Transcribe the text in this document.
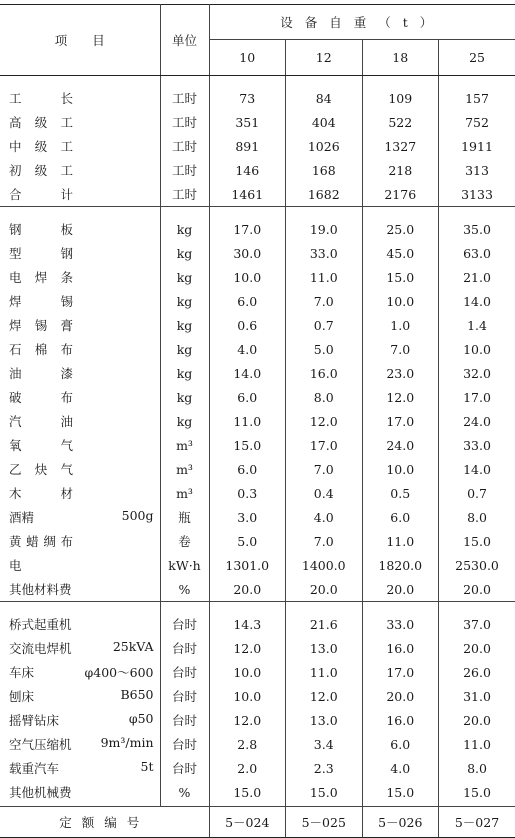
项　　目	单位	设备自重（t）			
		10	12	18	25

工长	工时	73	84	109	157
高级工	工时	351	404	522	752
中级工	工时	891	1026	1327	1911
初级工	工时	146	168	218	313
合计	工时	1461	1682	2176	3133

钢板	kg	17.0	19.0	25.0	35.0
型钢	kg	30.0	33.0	45.0	63.0
电焊条	kg	10.0	11.0	15.0	21.0
焊锡	kg	6.0	7.0	10.0	14.0
焊锡膏	kg	0.6	0.7	1.0	1.4
石棉布	kg	4.0	5.0	7.0	10.0
油漆	kg	14.0	16.0	23.0	32.0
破布	kg	6.0	8.0	12.0	17.0
汽油	kg	11.0	12.0	17.0	24.0
氧气	m³	15.0	17.0	24.0	33.0
乙炔气	m³	6.0	7.0	10.0	14.0
木材	m³	0.3	0.4	0.5	0.7
酒精 500g	瓶	3.0	4.0	6.0	8.0
黄蜡绸布	卷	5.0	7.0	11.0	15.0
电	kW·h	1301.0	1400.0	1820.0	2530.0
其他材料费	%	20.0	20.0	20.0	20.0

桥式起重机	台时	14.3	21.6	33.0	37.0
交流电焊机 25kVA	台时	12.0	13.0	16.0	20.0
车床 φ400～600	台时	10.0	11.0	17.0	26.0
刨床 B650	台时	10.0	12.0	20.0	31.0
摇臂钻床 φ50	台时	12.0	13.0	16.0	20.0
空气压缩机 9m³/min	台时	2.8	3.4	6.0	11.0
载重汽车 5t	台时	2.0	2.3	4.0	8.0
其他机械费	%	15.0	15.0	15.0	15.0

定额编号		5－024	5－025	5－026	5－027
